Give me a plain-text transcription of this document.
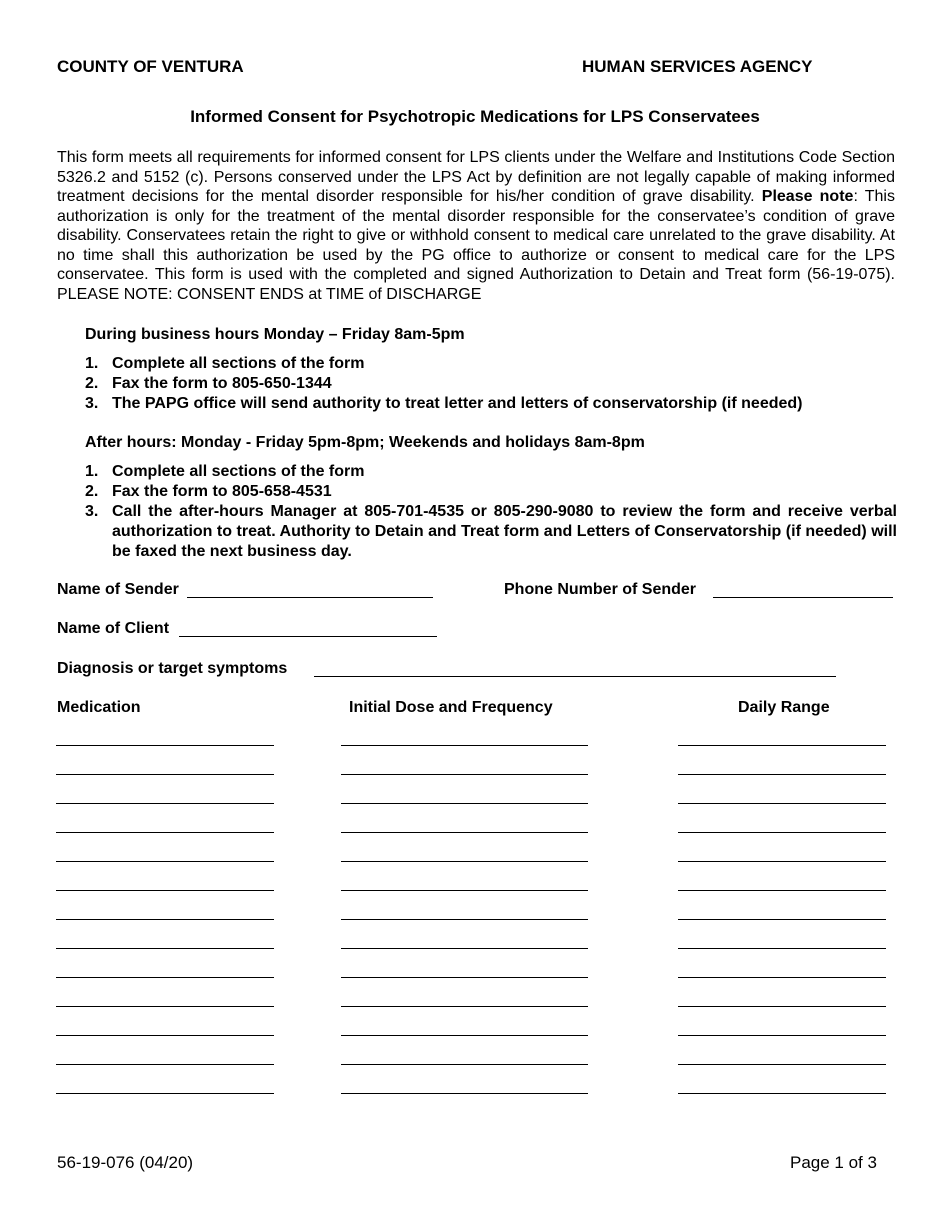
COUNTY OF VENTURA	HUMAN SERVICES AGENCY
Informed Consent for Psychotropic Medications for LPS Conservatees

This form meets all requirements for informed consent for LPS clients under the Welfare and Institutions Code Section 5326.2 and 5152 (c). Persons conserved under the LPS Act by definition are not legally capable of making informed treatment decisions for the mental disorder responsible for his/her condition of grave disability. Please note: This authorization is only for the treatment of the mental disorder responsible for the conservatee’s condition of grave disability. Conservatees retain the right to give or withhold consent to medical care unrelated to the grave disability. At no time shall this authorization be used by the PG office to authorize or consent to medical care for the LPS conservatee. This form is used with the completed and signed Authorization to Detain and Treat form (56-19-075). PLEASE NOTE: CONSENT ENDS at TIME of DISCHARGE

During business hours Monday – Friday 8am-5pm
1. Complete all sections of the form
2. Fax the form to 805-650-1344
3. The PAPG office will send authority to treat letter and letters of conservatorship (if needed)
After hours: Monday - Friday 5pm-8pm; Weekends and holidays 8am-8pm
1. Complete all sections of the form
2. Fax the form to 805-658-4531
3. Call the after-hours Manager at 805-701-4535 or 805-290-9080 to review the form and receive verbal authorization to treat. Authority to Detain and Treat form and Letters of Conservatorship (if needed) will be faxed the next business day.
Name of Sender	Phone Number of Sender
Name of Client
Diagnosis or target symptoms
Medication	Initial Dose and Frequency	Daily Range
56-19-076 (04/20)	Page 1 of 3
